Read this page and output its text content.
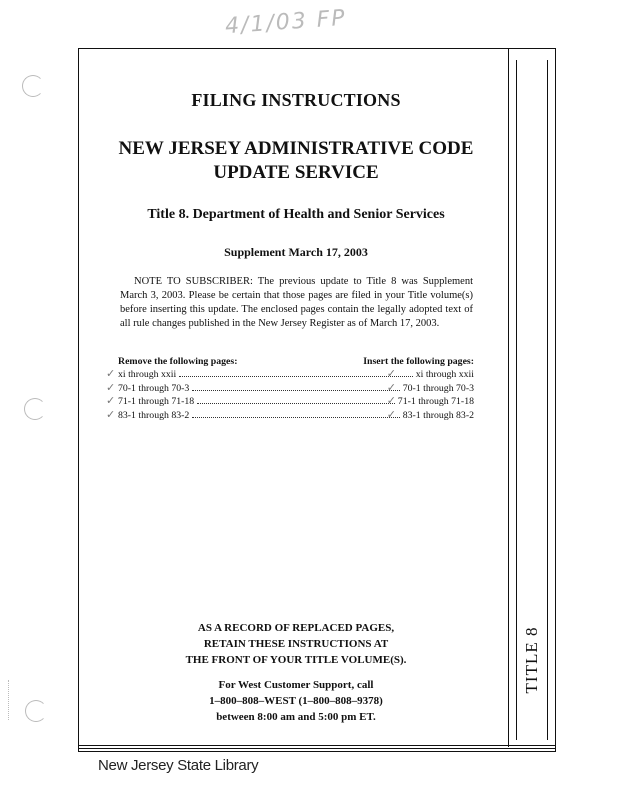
4/1/03 FP
TITLE 8
FILING INSTRUCTIONS
NEW JERSEY ADMINISTRATIVE CODE
UPDATE SERVICE
Title 8. Department of Health and Senior Services
Supplement March 17, 2003

NOTE TO SUBSCRIBER: The previous update to Title 8 was Supplement March 3, 2003. Please be certain that those pages are filed in your Title volume(s) before inserting this update. The enclosed pages contain the legally adopted text of all rule changes published in the New Jersey Register as of March 17, 2003.

Remove the following pages:	Insert the following pages:
✓ xi through xxii	✓ xi through xxii
✓ 70-1 through 70-3	✓ 70-1 through 70-3
✓ 71-1 through 71-18	✓ 71-1 through 71-18
✓ 83-1 through 83-2	✓ 83-1 through 83-2
AS A RECORD OF REPLACED PAGES,
RETAIN THESE INSTRUCTIONS AT
THE FRONT OF YOUR TITLE VOLUME(S).
For West Customer Support, call
1–800–808–WEST (1–800–808–9378)
between 8:00 am and 5:00 pm ET.
New Jersey State Library
